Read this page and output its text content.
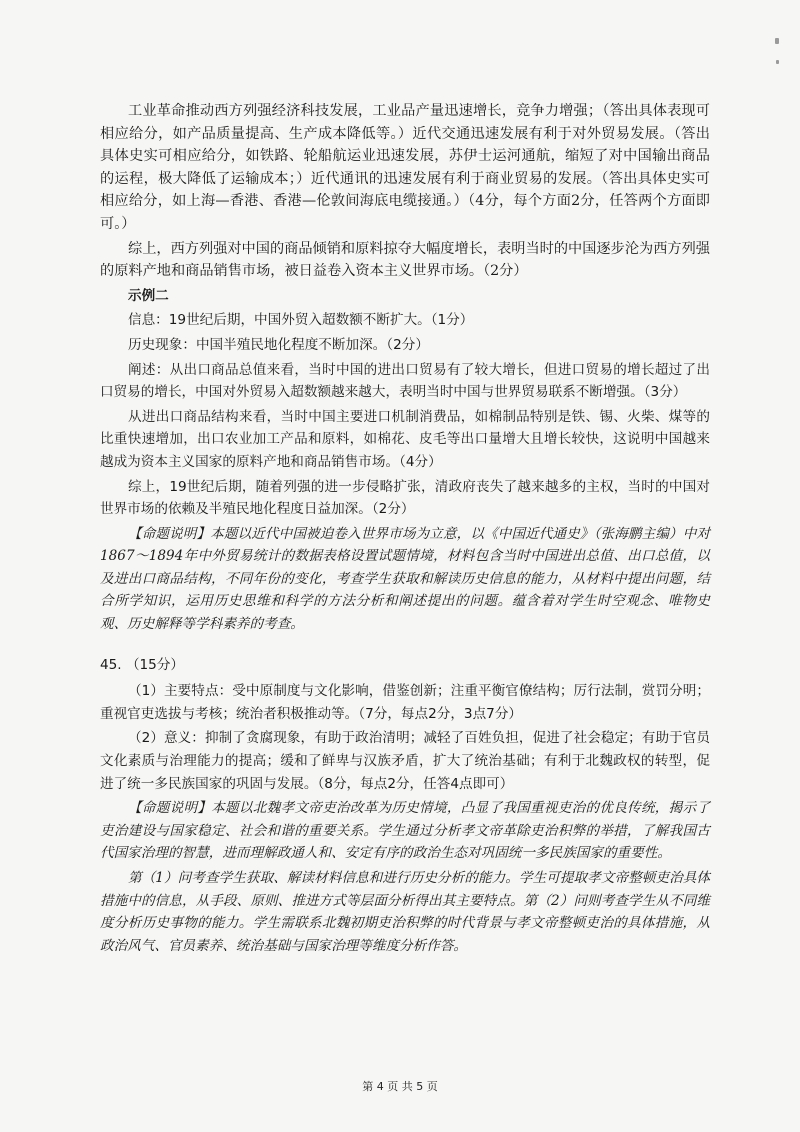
工业革命推动西方列强经济科技发展，工业品产量迅速增长，竞争力增强；（答出具体表现可相应给分，如产品质量提高、生产成本降低等。）近代交通迅速发展有利于对外贸易发展。（答出具体史实可相应给分，如铁路、轮船航运业迅速发展，苏伊士运河通航，缩短了对中国输出商品的运程，极大降低了运输成本；）近代通讯的迅速发展有利于商业贸易的发展。（答出具体史实可相应给分，如上海—香港、香港—伦敦间海底电缆接通。）（4分，每个方面2分，任答两个方面即可。）

综上，西方列强对中国的商品倾销和原料掠夺大幅度增长，表明当时的中国逐步沦为西方列强的原料产地和商品销售市场，被日益卷入资本主义世界市场。（2分）

示例二

信息：19世纪后期，中国外贸入超数额不断扩大。（1分）

历史现象：中国半殖民地化程度不断加深。（2分）

阐述：从出口商品总值来看，当时中国的进出口贸易有了较大增长，但进口贸易的增长超过了出口贸易的增长，中国对外贸易入超数额越来越大，表明当时中国与世界贸易联系不断增强。（3分）

从进出口商品结构来看，当时中国主要进口机制消费品，如棉制品特别是铁、锡、火柴、煤等的比重快速增加，出口农业加工产品和原料，如棉花、皮毛等出口量增大且增长较快，这说明中国越来越成为资本主义国家的原料产地和商品销售市场。（4分）

综上，19世纪后期，随着列强的进一步侵略扩张，清政府丧失了越来越多的主权，当时的中国对世界市场的依赖及半殖民地化程度日益加深。（2分）

【命题说明】本题以近代中国被迫卷入世界市场为立意，以《中国近代通史》（张海鹏主编）中对1867～1894年中外贸易统计的数据表格设置试题情境，材料包含当时中国进出总值、出口总值，以及进出口商品结构，不同年份的变化，考查学生获取和解读历史信息的能力，从材料中提出问题，结合所学知识，运用历史思维和科学的方法分析和阐述提出的问题。蕴含着对学生时空观念、唯物史观、历史解释等学科素养的考查。

45. （15分）

（1）主要特点：受中原制度与文化影响，借鉴创新；注重平衡官僚结构；厉行法制，赏罚分明；重视官吏选拔与考核；统治者积极推动等。（7分，每点2分，3点7分）

（2）意义：抑制了贪腐现象，有助于政治清明；减轻了百姓负担，促进了社会稳定；有助于官员文化素质与治理能力的提高；缓和了鲜卑与汉族矛盾，扩大了统治基础；有利于北魏政权的转型，促进了统一多民族国家的巩固与发展。（8分，每点2分，任答4点即可）

【命题说明】本题以北魏孝文帝吏治改革为历史情境，凸显了我国重视吏治的优良传统，揭示了吏治建设与国家稳定、社会和谐的重要关系。学生通过分析孝文帝革除吏治积弊的举措，了解我国古代国家治理的智慧，进而理解政通人和、安定有序的政治生态对巩固统一多民族国家的重要性。

第（1）问考查学生获取、解读材料信息和进行历史分析的能力。学生可提取孝文帝整顿吏治具体措施中的信息，从手段、原则、推进方式等层面分析得出其主要特点。第（2）问则考查学生从不同维度分析历史事物的能力。学生需联系北魏初期吏治积弊的时代背景与孝文帝整顿吏治的具体措施，从政治风气、官员素养、统治基础与国家治理等维度分析作答。

第 4 页 共 5 页
